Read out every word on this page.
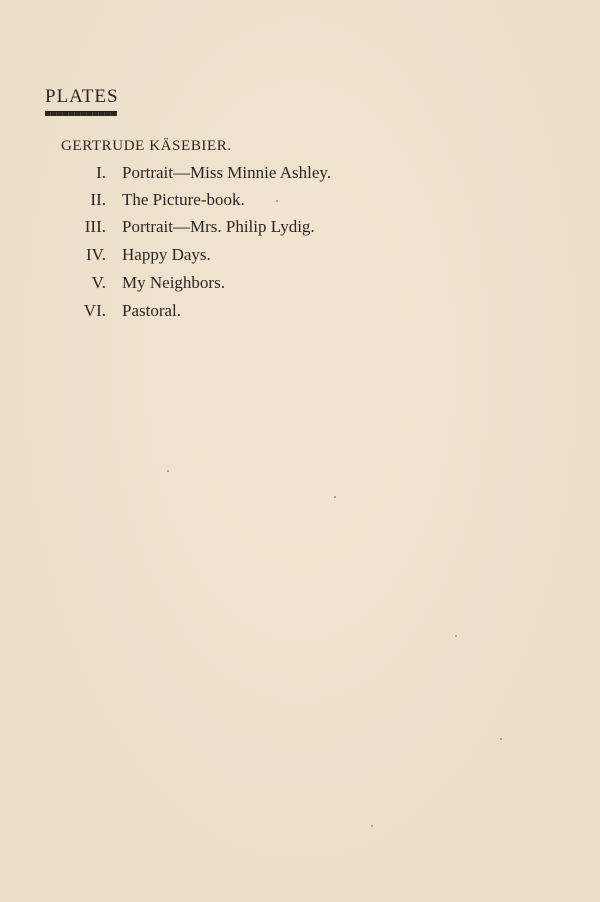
PLATES
GERTRUDE KÄSEBIER.
I. Portrait—Miss Minnie Ashley.
II. The Picture-book.
III. Portrait—Mrs. Philip Lydig.
IV. Happy Days.
V. My Neighbors.
VI. Pastoral.
